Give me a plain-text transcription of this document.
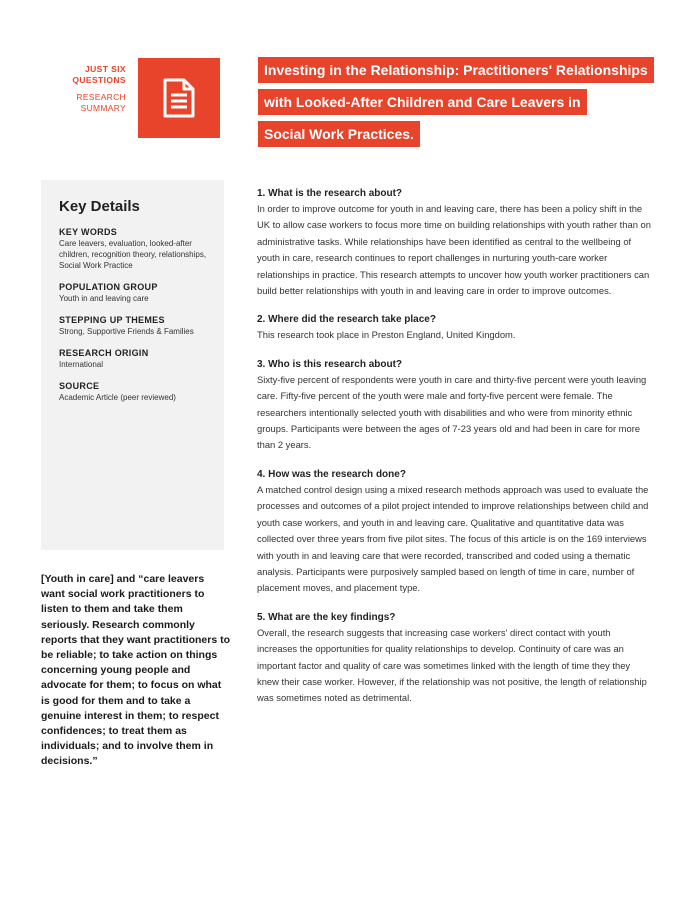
JUST SIX
QUESTIONS
RESEARCH
SUMMARY
Investing in the Relationship: Practitioners' Relationships
with Looked-After Children and Care Leavers in
Social Work Practices.
Key Details
KEY WORDS
Care leavers, evaluation, looked-after children, recognition theory, relationships, Social Work Practice
POPULATION GROUP
Youth in and leaving care
STEPPING UP THEMES
Strong, Supportive Friends & Families
RESEARCH ORIGIN
International
SOURCE
Academic Article (peer reviewed)
[Youth in care] and “care leavers want social work practitioners to listen to them and take them seriously. Research commonly reports that they want practitioners to be reliable; to take action on things concerning young people and advocate for them; to focus on what is good for them and to take a genuine interest in them; to respect confidences; to treat them as individuals; and to involve them in decisions.”
1. What is the research about?
In order to improve outcome for youth in and leaving care, there has been a policy shift in the UK to allow case workers to focus more time on building relationships with youth rather than on administrative tasks. While relationships have been identified as central to the wellbeing of youth in care, research continues to report challenges in nurturing youth-care worker relationships in practice. This research attempts to uncover how youth worker practitioners can build better relationships with youth in and leaving care in order to improve outcomes.
2. Where did the research take place?
This research took place in Preston England, United Kingdom.
3. Who is this research about?
Sixty-five percent of respondents were youth in care and thirty-five percent were youth leaving care. Fifty-five percent of the youth were male and forty-five percent were female. The researchers intentionally selected youth with disabilities and who were from minority ethnic groups. Participants were between the ages of 7-23 years old and had been in care for more than 2 years.
4. How was the research done?
A matched control design using a mixed research methods approach was used to evaluate the processes and outcomes of a pilot project intended to improve relationships between child and youth case workers, and youth in and leaving care. Qualitative and quantitative data was collected over three years from five pilot sites. The focus of this article is on the 169 interviews with youth in and leaving care that were recorded, transcribed and coded using a thematic analysis. Participants were purposively sampled based on length of time in care, number of placement moves, and placement type.
5. What are the key findings?
Overall, the research suggests that increasing case workers' direct contact with youth increases the opportunities for quality relationships to develop. Continuity of care was an important factor and quality of care was sometimes linked with the length of time they they knew their case worker. However, if the relationship was not positive, the length of relationship was sometimes noted as detrimental.
